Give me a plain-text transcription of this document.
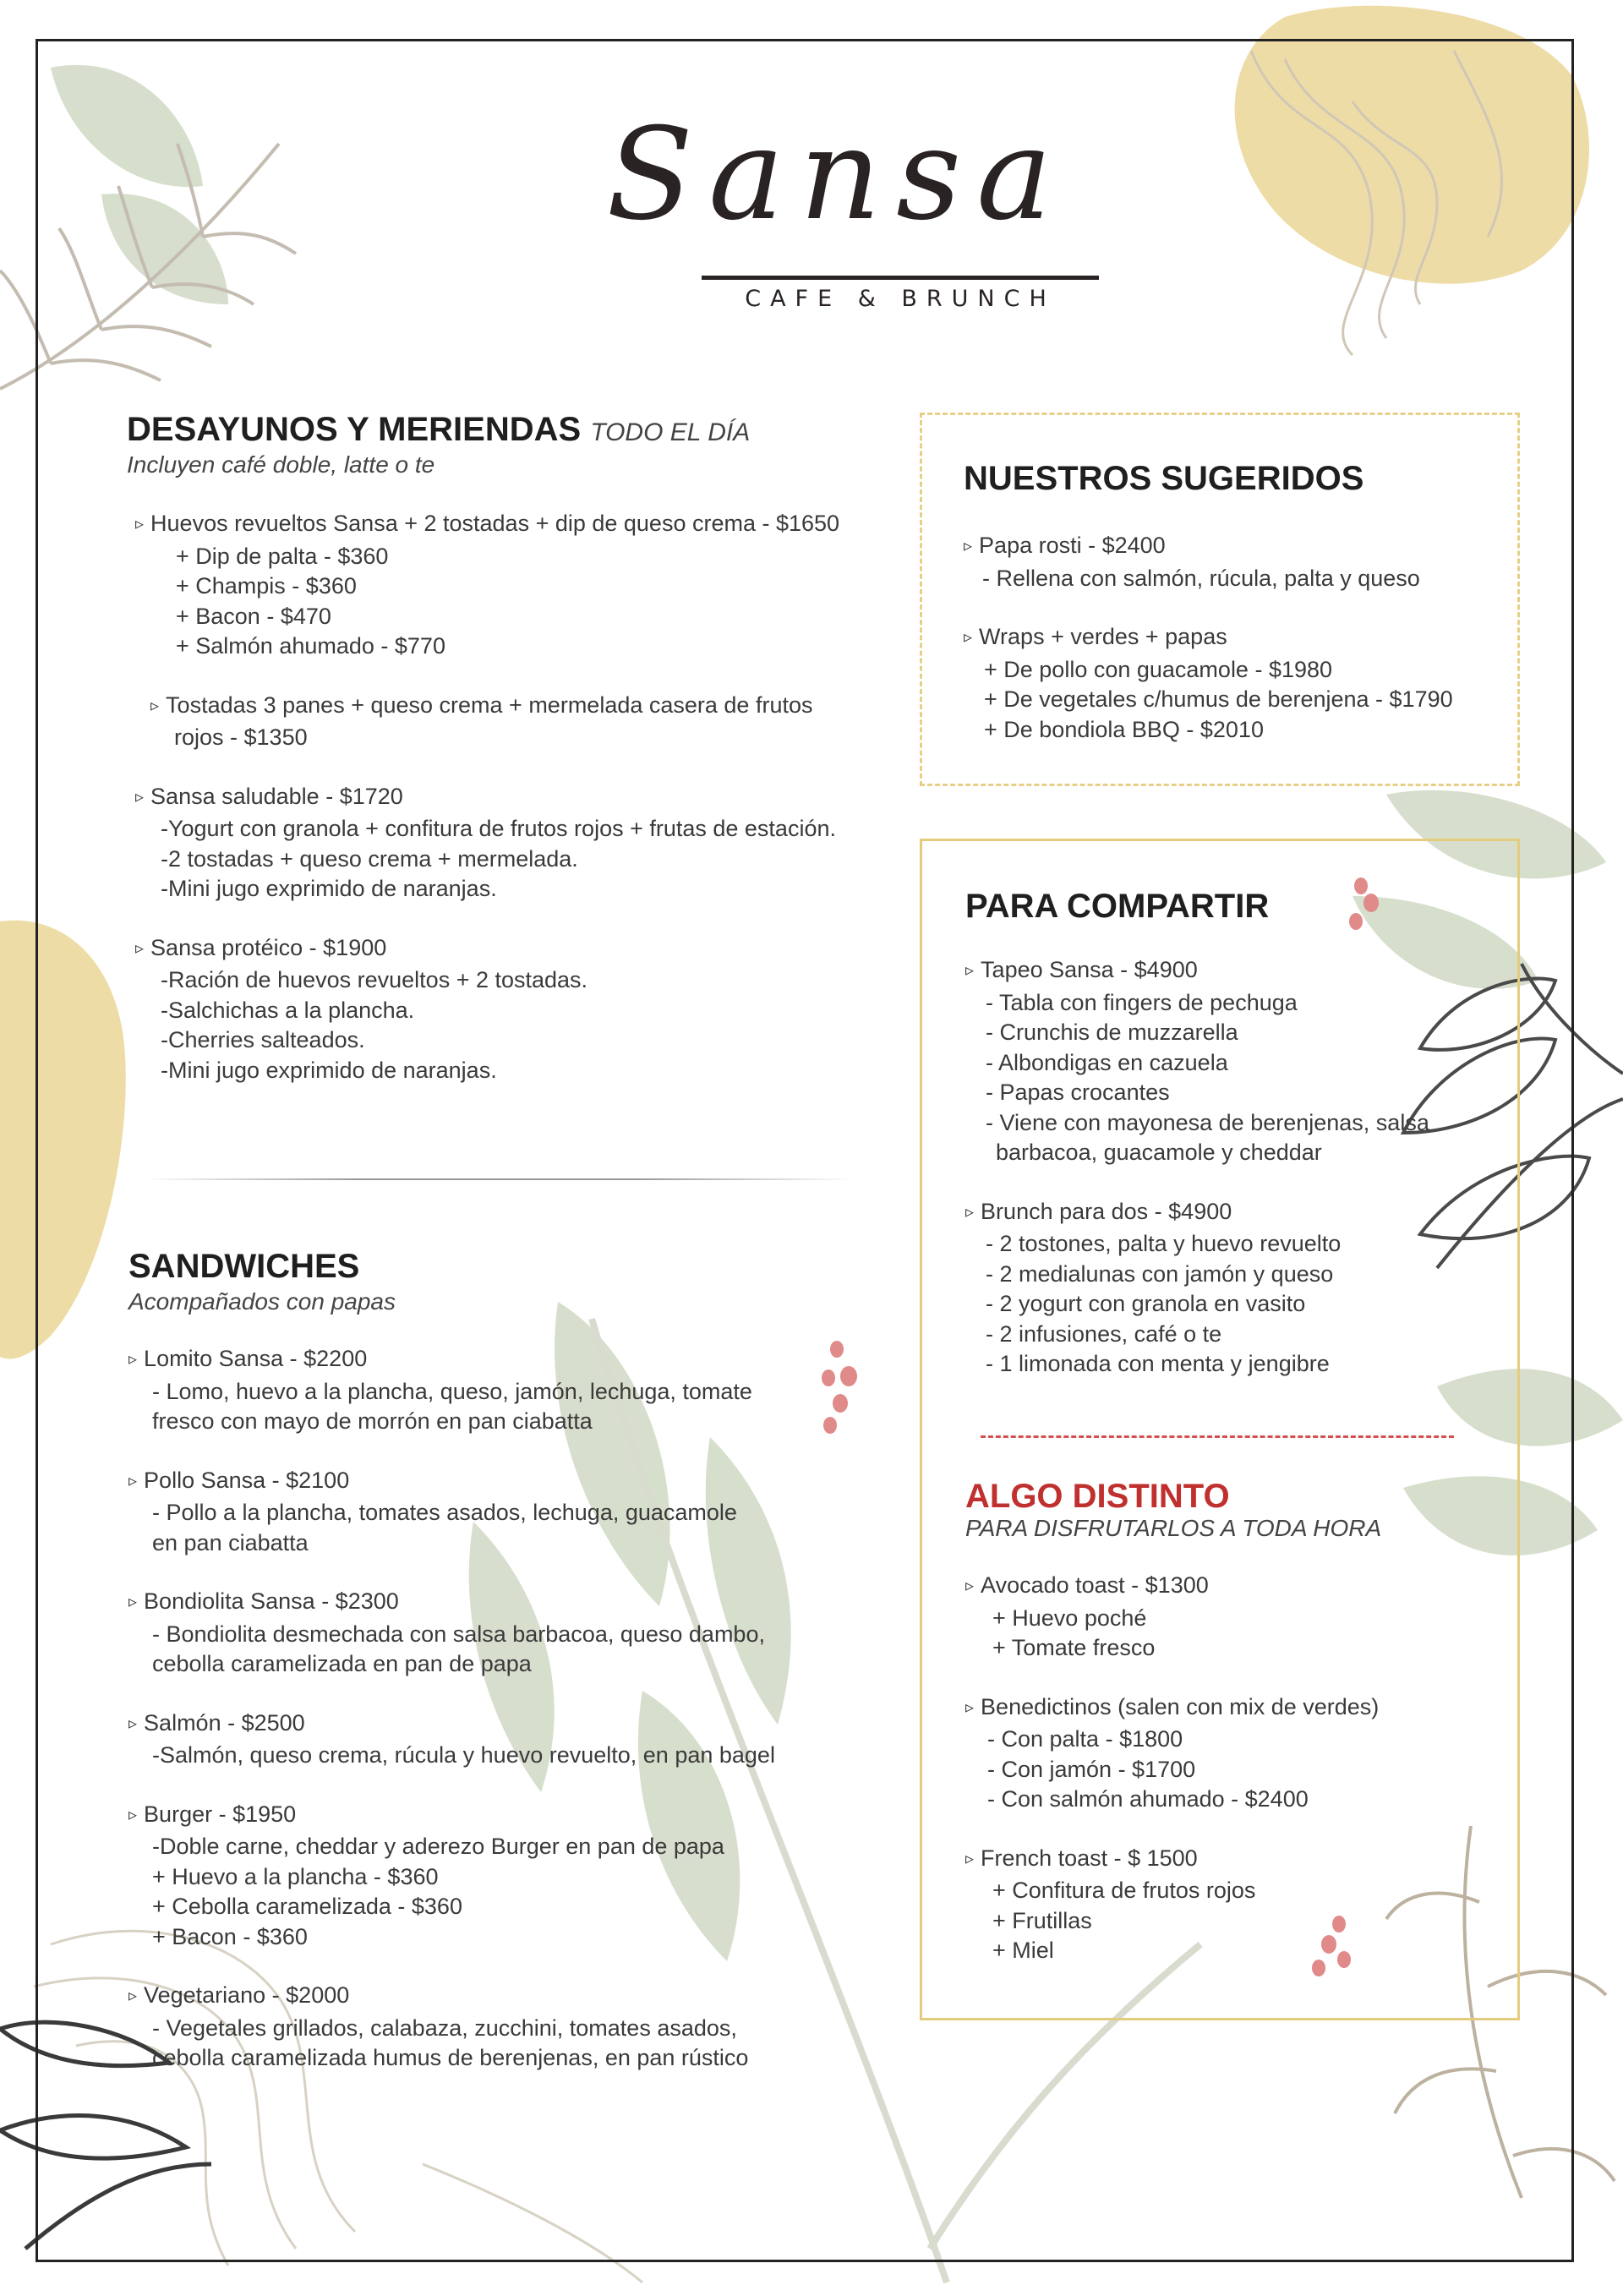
Sansa
CAFE & BRUNCH
DESAYUNOS Y MERIENDAS TODO EL DÍA
Incluyen café doble, latte o te
▹ Huevos revueltos Sansa + 2 tostadas + dip de queso crema - $1650
+ Dip de palta - $360
+ Champis - $360
+ Bacon - $470
+ Salmón ahumado - $770
▹ Tostadas 3 panes + queso crema + mermelada casera de frutos rojos - $1350
▹ Sansa saludable - $1720
-Yogurt con granola + confitura de frutos rojos + frutas de estación.
-2 tostadas + queso crema + mermelada.
-Mini jugo exprimido de naranjas.
▹ Sansa protéico - $1900
-Ración de huevos revueltos + 2 tostadas.
-Salchichas a la plancha.
-Cherries salteados.
-Mini jugo exprimido de naranjas.
SANDWICHES
Acompañados con papas
▹ Lomito Sansa - $2200
- Lomo, huevo a la plancha, queso, jamón, lechuga, tomate fresco con mayo de morrón en pan ciabatta
▹ Pollo Sansa - $2100
- Pollo a la plancha, tomates asados, lechuga, guacamole en pan ciabatta
▹ Bondiolita Sansa - $2300
- Bondiolita desmechada con salsa barbacoa, queso dambo, cebolla caramelizada en pan de papa
▹ Salmón - $2500
-Salmón, queso crema, rúcula y huevo revuelto, en pan bagel
▹ Burger - $1950
-Doble carne, cheddar y aderezo Burger en pan de papa
+ Huevo a la plancha - $360
+ Cebolla caramelizada - $360
+ Bacon - $360
▹ Vegetariano - $2000
- Vegetales grillados, calabaza, zucchini, tomates asados, cebolla caramelizada humus de berenjenas, en pan rústico
NUESTROS SUGERIDOS
▹ Papa rosti - $2400
- Rellena con salmón, rúcula, palta y queso
▹ Wraps + verdes + papas
+ De pollo con guacamole - $1980
+ De vegetales c/humus de berenjena - $1790
+ De bondiola BBQ - $2010
PARA COMPARTIR
▹ Tapeo Sansa - $4900
- Tabla con fingers de pechuga
- Crunchis de muzzarella
- Albondigas en cazuela
- Papas crocantes
- Viene con mayonesa de berenjenas, salsa barbacoa, guacamole y cheddar
▹ Brunch para dos - $4900
- 2 tostones, palta y huevo revuelto
- 2 medialunas con jamón y queso
- 2 yogurt con granola en vasito
- 2 infusiones, café o te
- 1 limonada con menta y jengibre
ALGO DISTINTO
PARA DISFRUTARLOS A TODA HORA
▹ Avocado toast - $1300
+ Huevo poché
+ Tomate fresco
▹ Benedictinos (salen con mix de verdes)
- Con palta - $1800
- Con jamón - $1700
- Con salmón ahumado - $2400
▹ French toast - $ 1500
+ Confitura de frutos rojos
+ Frutillas
+ Miel
